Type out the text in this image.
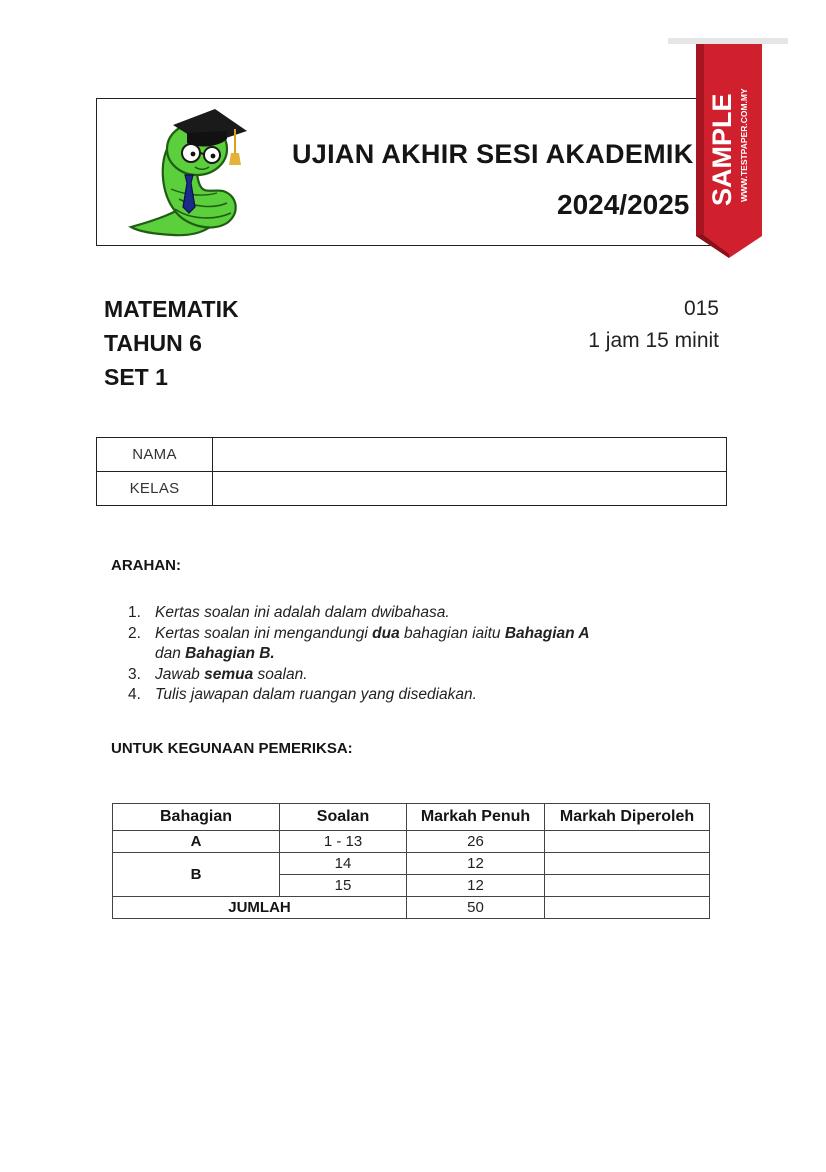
UJIAN AKHIR SESI AKADEMIK
2024/2025 SAMPLE WWW.TESTPAPER.COM.MY
MATEMATIK
TAHUN 6
SET 1
015
1 jam 15 minit
NAMA	
KELAS	
ARAHAN:
1. Kertas soalan ini adalah dalam dwibahasa.
2. Kertas soalan ini mengandungi dua bahagian iaitu Bahagian A
dan Bahagian B.
3. Jawab semua soalan.
4. Tulis jawapan dalam ruangan yang disediakan.
UNTUK KEGUNAAN PEMERIKSA:
Bahagian	Soalan	Markah Penuh	Markah Diperoleh
A	1 - 13	26	
B	14	12	
	15	12	
JUMLAH		50	
